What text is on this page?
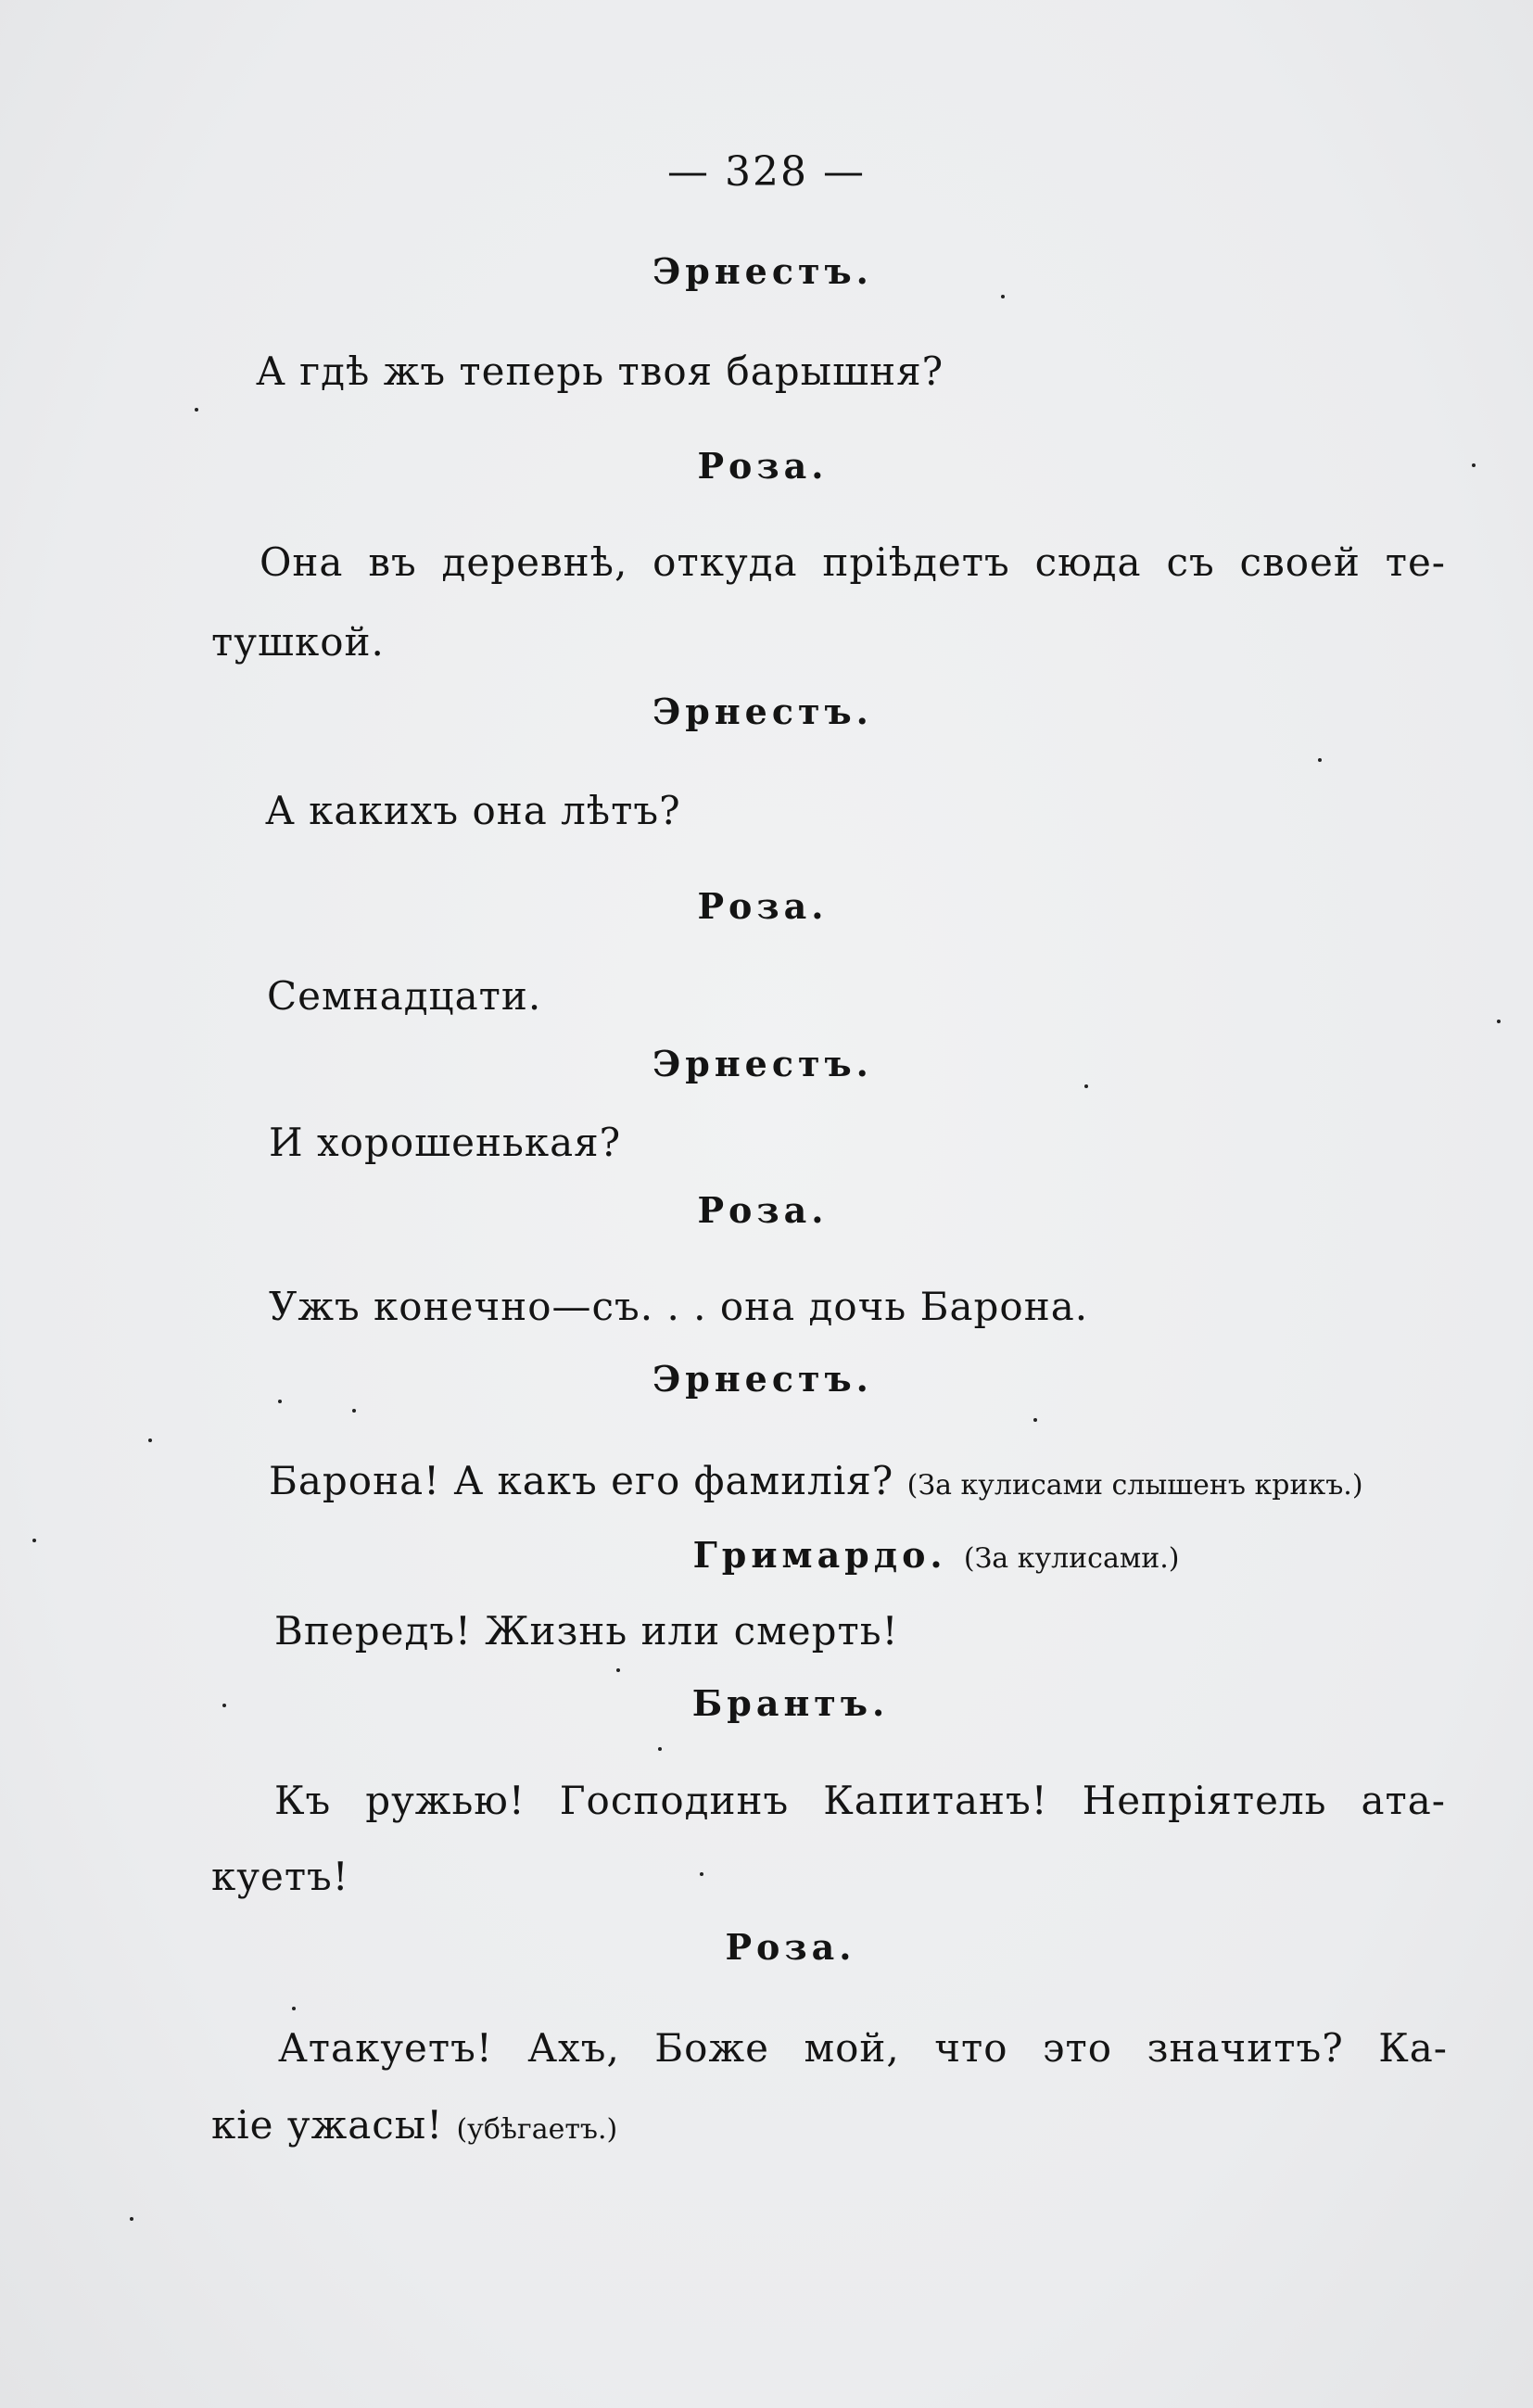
— 328 —
Эрнестъ.
А гдѣ жъ теперь твоя барышня?
Роза.
Она въ деревнѣ, откуда пріѣдетъ сюда съ своей те-
тушкой.
Эрнестъ.
А какихъ она лѣтъ?
Роза.
Семнадцати.
Эрнестъ.
И хорошенькая?
Роза.
Ужъ конечно—съ. . . она дочь Барона.
Эрнестъ.
Барона! А какъ его фамилія? (За кулисами слышенъ крикъ.)
Гримардо. (За кулисами.)
Впередъ! Жизнь или смерть!
Брантъ.
Къ ружью! Господинъ Капитанъ! Непріятель ата-
куетъ!
Роза.
Атакуетъ! Ахъ, Боже мой, что это значитъ? Ка-
кіе ужасы! (убѣгаетъ.)
